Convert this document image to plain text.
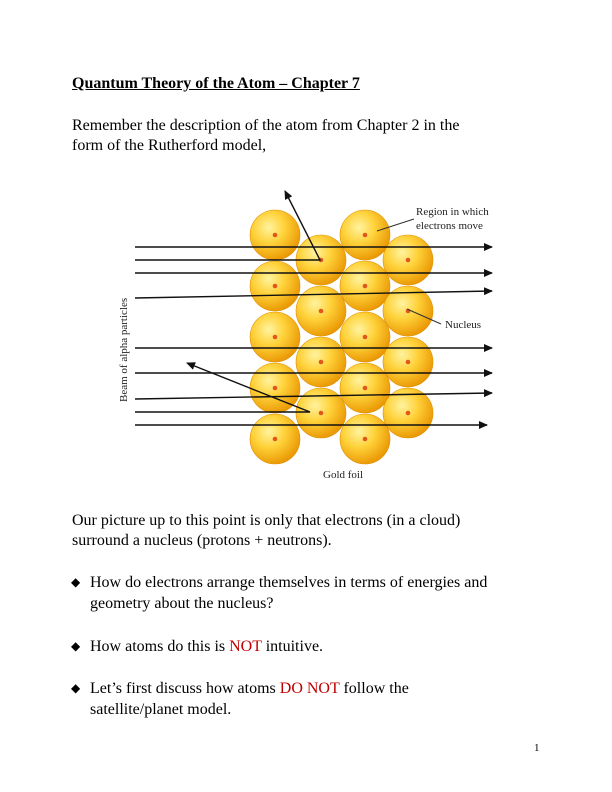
Quantum Theory of the Atom – Chapter 7
Remember the description of the atom from Chapter 2 in the
form of the Rutherford model,
Region in which
electrons move
Nucleus
Gold foil
Beam of alpha particles
Our picture up to this point is only that electrons (in a cloud)
surround a nucleus (protons + neutrons).
◆ How do electrons arrange themselves in terms of energies and
geometry about the nucleus?
◆ How atoms do this is NOT intuitive.
◆ Let’s first discuss how atoms DO NOT follow the
satellite/planet model.
1
